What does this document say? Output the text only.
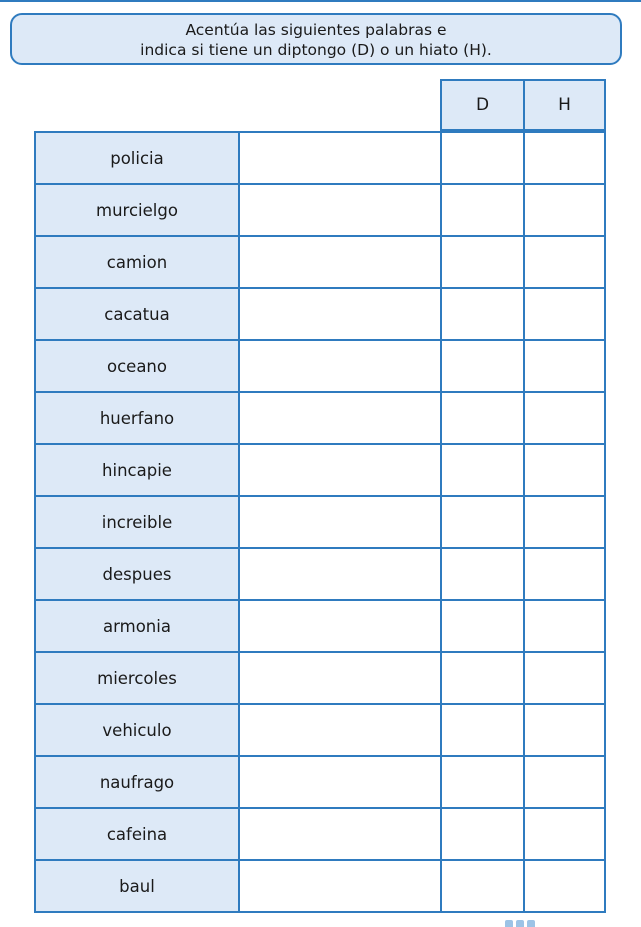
Acentúa las siguientes palabras e
indica si tiene un diptongo (D) o un hiato (H).
D	H
policia
murcielgo
camion
cacatua
oceano
huerfano
hincapie
increible
despues
armonia
miercoles
vehiculo
naufrago
cafeina
baul
